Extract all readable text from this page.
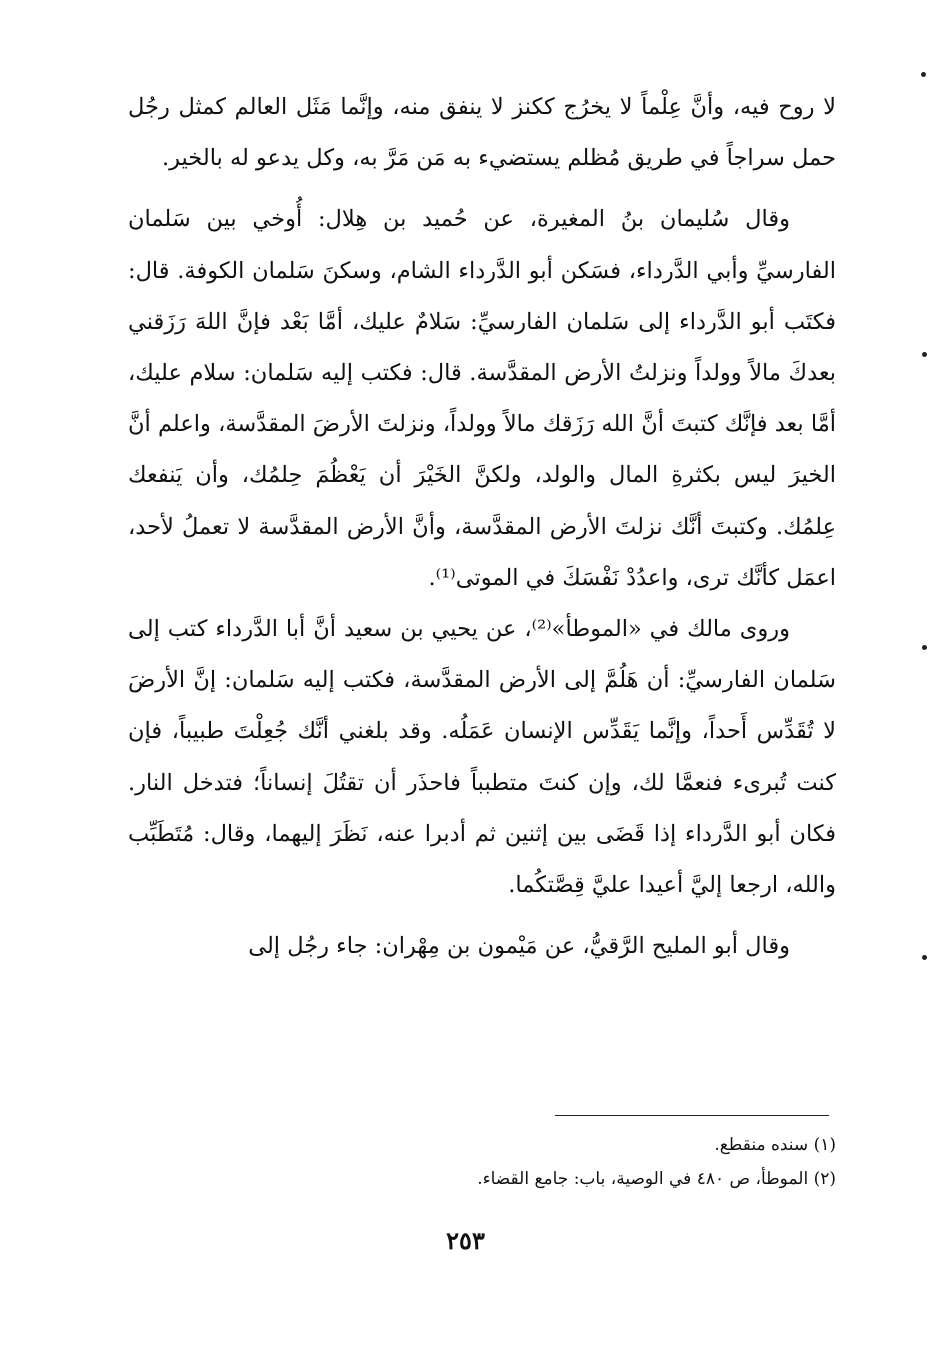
لا روح فيه، وأنَّ عِلْماً لا يخرُج ككنز لا ينفق منه، وإنَّما مَثَل العالم كمثل رجُل حمل سراجاً في طريق مُظلم يستضيء به مَن مَرَّ به، وكل يدعو له بالخير.

وقال سُليمان بنُ المغيرة، عن حُميد بن هِلال: أُوخي بين سَلمان الفارسيِّ وأبي الدَّرداء، فسَكن أبو الدَّرداء الشام، وسكنَ سَلمان الكوفة. قال: فكتَب أبو الدَّرداء إلى سَلمان الفارسيِّ: سَلامٌ عليك، أمَّا بَعْد فإنَّ اللهَ رَزَقني بعدكَ مالاً وولداً ونزلتُ الأرض المقدَّسة. قال: فكتب إليه سَلمان: سلام عليك، أمَّا بعد فإنَّك كتبتَ أنَّ الله رَزَقك مالاً وولداً، ونزلتَ الأرضَ المقدَّسة، واعلم أنَّ الخيرَ ليس بكثرةِ المال والولد، ولكنَّ الخَيْرَ أن يَعْظُمَ حِلمُك، وأن يَنفعك عِلمُك. وكتبتَ أنَّك نزلتَ الأرض المقدَّسة، وأنَّ الأرض المقدَّسة لا تعملُ لأحد، اعمَل كأنَّك ترى، واعدُدْ نَفْسَكَ في الموتى⁽¹⁾.

وروى مالك في «الموطأ»⁽²⁾، عن يحيي بن سعيد أنَّ أبا الدَّرداء كتب إلى سَلمان الفارسيِّ: أن هَلُمَّ إلى الأرض المقدَّسة، فكتب إليه سَلمان: إنَّ الأرضَ لا تُقَدِّس أَحداً، وإنَّما يَقَدِّس الإنسان عَمَلُه. وقد بلغني أنَّك جُعِلْتَ طبيباً، فإن كنت تُبرىء فنعمَّا لك، وإن كنتَ متطبباً فاحذَر أن تقتُلَ إنساناً؛ فتدخل النار. فكان أبو الدَّرداء إذا قَضَى بين إثنين ثم أدبرا عنه، نَظَرَ إليهما، وقال: مُتَطَبِّب والله، ارجعا إليَّ أعيدا عليَّ قِصَّتكُما.

وقال أبو المليح الرَّقيُّ، عن مَيْمون بن مِهْران: جاء رجُل إلى

(١) سنده منقطع.

(٢) الموطأ، ص ٤٨٠ في الوصية، باب: جامع القضاء.

٢٥٣
